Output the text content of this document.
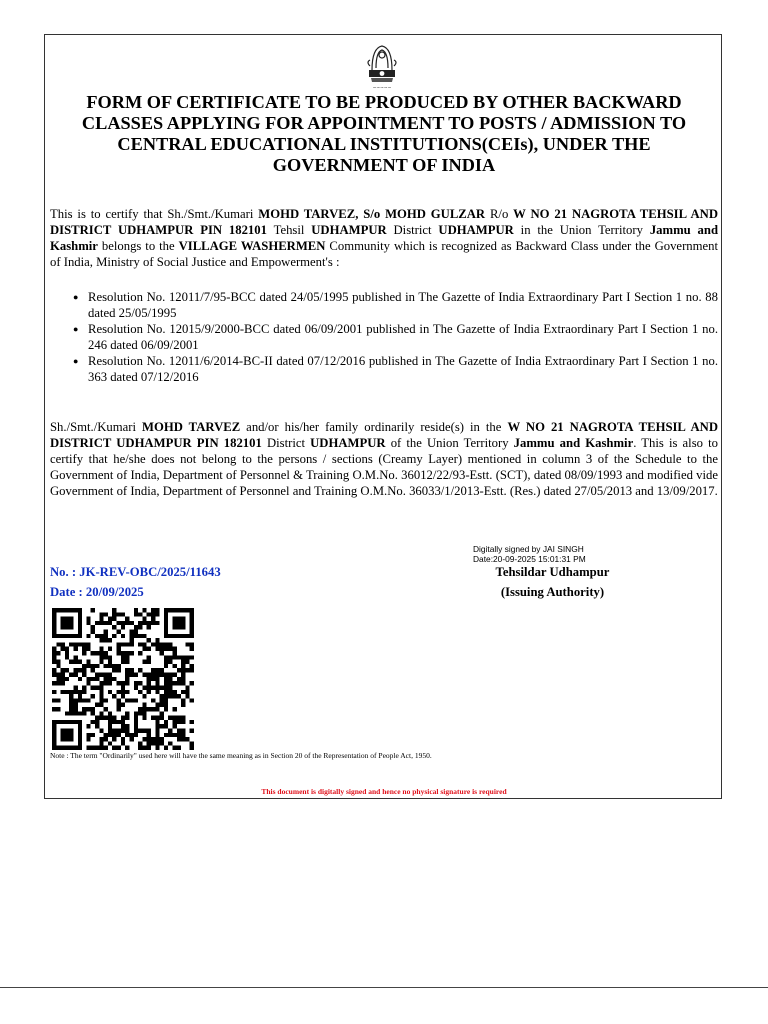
~~~~~
FORM OF CERTIFICATE TO BE PRODUCED BY OTHER BACKWARD CLASSES APPLYING FOR APPOINTMENT TO POSTS / ADMISSION TO CENTRAL EDUCATIONAL INSTITUTIONS(CEIs), UNDER THE GOVERNMENT OF INDIA

This is to certify that Sh./Smt./Kumari MOHD TARVEZ, S/o MOHD GULZAR R/o W NO 21 NAGROTA TEHSIL AND DISTRICT UDHAMPUR PIN 182101 Tehsil UDHAMPUR District UDHAMPUR in the Union Territory Jammu and Kashmir belongs to the VILLAGE WASHERMEN Community which is recognized as Backward Class under the Government of India, Ministry of Social Justice and Empowerment's :

● Resolution No. 12011/7/95-BCC dated 24/05/1995 published in The Gazette of India Extraordinary Part I Section 1 no. 88 dated 25/05/1995
● Resolution No. 12015/9/2000-BCC dated 06/09/2001 published in The Gazette of India Extraordinary Part I Section 1 no. 246 dated 06/09/2001
● Resolution No. 12011/6/2014-BC-II dated 07/12/2016 published in The Gazette of India Extraordinary Part I Section 1 no. 363 dated 07/12/2016

Sh./Smt./Kumari MOHD TARVEZ and/or his/her family ordinarily reside(s) in the W NO 21 NAGROTA TEHSIL AND DISTRICT UDHAMPUR PIN 182101 District UDHAMPUR of the Union Territory Jammu and Kashmir. This is also to certify that he/she does not belong to the persons / sections (Creamy Layer) mentioned in column 3 of the Schedule to the Government of India, Department of Personnel & Training O.M.No. 36012/22/93-Estt. (SCT), dated 08/09/1993 and modified vide Government of India, Department of Personnel and Training O.M.No. 36033/1/2013-Estt. (Res.) dated 27/05/2013 and 13/09/2017.

Digitally signed by JAI SINGH
Date:20-09-2025 15:01:31 PM
No. : JK-REV-OBC/2025/11643
Date : 20/09/2025
Tehsildar Udhampur
(Issuing Authority)
Note : The term "Ordinarily" used here will have the same meaning as in Section 20 of the Representation of People Act, 1950.
This document is digitally signed and hence no physical signature is required
